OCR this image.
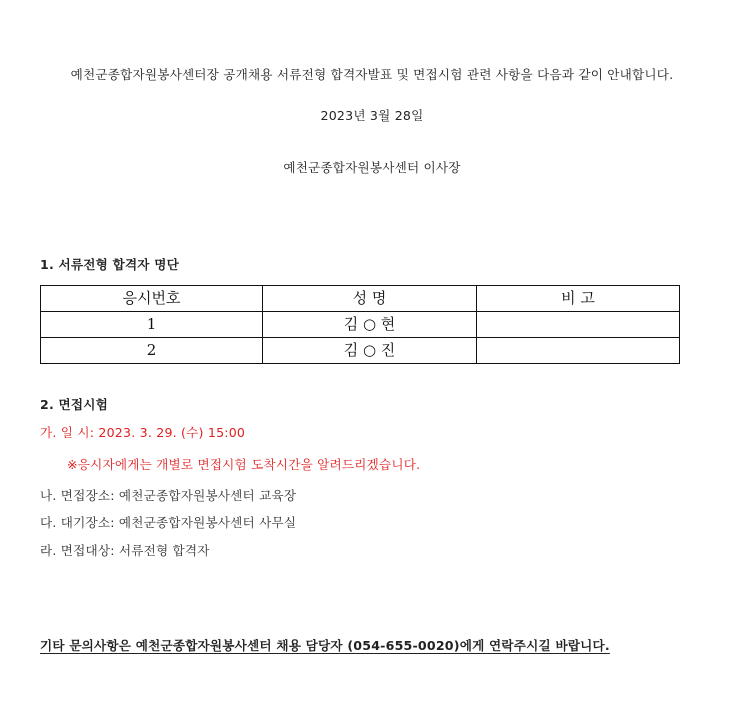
예천군종합자원봉사센터장 공개채용 서류전형 합격자발표 및 면접시험 관련 사항을 다음과 같이 안내합니다.
2023년 3월 28일
예천군종합자원봉사센터 이사장
1. 서류전형 합격자 명단
응시번호	성 명	비 고
1	김 ○ 현	
2	김 ○ 진	
2. 면접시험
가. 일 시: 2023. 3. 29. (수) 15:00
※응시자에게는 개별로 면접시험 도착시간을 알려드리겠습니다.
나. 면접장소: 예천군종합자원봉사센터 교육장
다. 대기장소: 예천군종합자원봉사센터 사무실
라. 면접대상: 서류전형 합격자
기타 문의사항은 예천군종합자원봉사센터 채용 담당자 (054-655-0020)에게 연락주시길 바랍니다.
